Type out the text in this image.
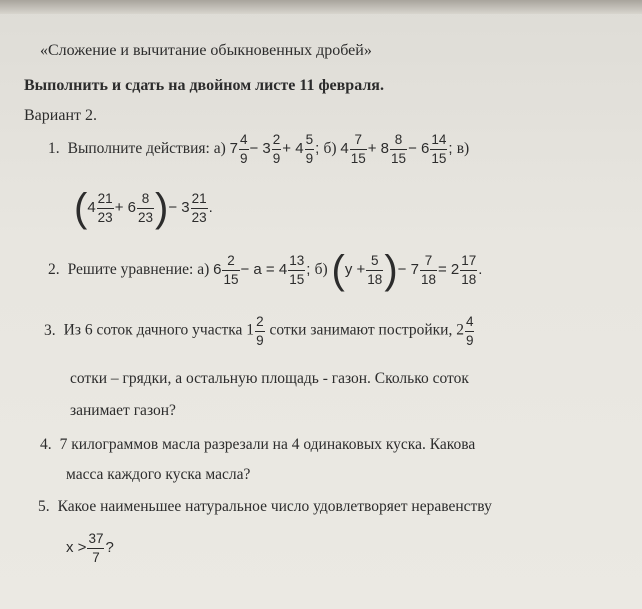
«Сложение и вычитание обыкновенных дробей»
Выполнить и сдать на двойном листе 11 февраля.
Вариант 2.
1. Выполните действия: а) $7 \frac{4}{9} - 3 \frac{2}{9} + 4 \frac{5}{9}$ ; б) $4 \frac{7}{15} + 8 \frac{8}{15} - 6 \frac{14}{15}$ ; в)
($4 \frac{21}{23} + 6 \frac{8}{23}$ )− $3 \frac{21}{23}$ .
2. Решите уравнение: а) $6 \frac{2}{15} - a = 4 \frac{13}{15}$ ; б) ($y + \frac{5}{18}$ )− $7 \frac{7}{18} = 2 \frac{17}{18}$ .
3. Из 6 соток дачного участка $1 \frac{2}{9}$ сотки занимают постройки, $2 \frac{4}{9}$
сотки – грядки, а остальную площадь - газон. Сколько соток
занимает газон?
4. 7 килограммов масла разрезали на 4 одинаковых куска. Какова
масса каждого куска масла?
5. Какое наименьшее натуральное число удовлетворяет неравенству
$x > \frac{37}{7}$ ?
